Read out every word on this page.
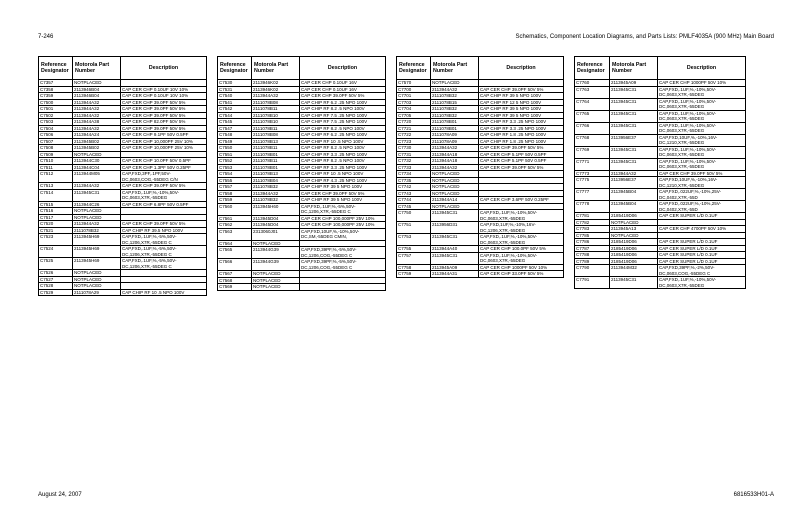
7-246	Schematics, Component Location Diagrams, and Parts Lists: PMLF4035A (900 MHz) Main Board
Reference Designator	Motorola Part Number	Description
C7357	NOTPLACED	
C7358	2113946B04	CAP CER CHP 0.10UF 10V 10%
C7359	2113946B04	CAP CER CHP 0.10UF 10V 10%
C7500	2113944A32	CAP CER CHP 39.0PF 50V 5%
C7501	2113944A32	CAP CER CHP 39.0PF 50V 5%
C7502	2113944A32	CAP CER CHP 39.0PF 50V 5%
C7503	2113944A38	CAP CER CHP 82.0PF 50V 5%
C7504	2113944A32	CAP CER CHP 39.0PF 50V 5%
C7506	2113944A24	CAP CER CHP 9.1PF 50V 0.5PF
C7507	2113945B02	CAP CER CHP 10,000PF 25V 10%
C7508	2113945B02	CAP CER CHP 10,000PF 25V 10%
C7509	NOTPLACED	
C7510	2113944C30	CAP CER CHP 10.0PF 50V 0.5PF
C7511	2113944C04	CAP CER CHP 1.3PF 50V 0.25PF
C7512	2113944M05	CAP,FXD,3PF,.1PF,50V-DC,0603,COG,-55DEG C/N
C7513	2113944A32	CAP CER CHP 39.0PF 50V 5%
C7514	2113945C31	CAP,FXD,.1UF,%,-10%,50V-DC,0603,X7R,-55DEG
C7515	2113944C26	CAP CER CHP 6.8PF 50V 0.5PF
C7516	NOTPLACED	
C7517	NOTPLACED	
C7520	2113944A32	CAP CER CHP 39.0PF 50V 5%
C7521	2111078B32	CAP CHIP RF 39.5 NPO 100V
C7523	2113945H69	CAP,FXD,.1UF,%,-5%,50V-DC,1206,X7R,-55DEG C
C7524	2113945H69	CAP,FXD,.1UF,%,-5%,50V-DC,1206,X7R,-55DEG C
C7525	2113945H69	CAP,FXD,.1UF,%,-5%,50V-DC,1206,X7R,-55DEG C
C7526	NOTPLACED	
C7527	NOTPLACED	
C7528	NOTPLACED	
C7529	2111078A29	CAP CHIP RF 10 .5 NPO 100V
Reference Designator	Motorola Part Number	Description
C7530	2113946K02	CAP CER CHP 0.10UF 16V
C7531	2113946K02	CAP CER CHP 0.10UF 16V
C7540	2113944A32	CAP CER CHP 39.0PF 50V 5%
C7541	2111078B08	CAP CHIP RF 6.2 .25 NPO 100V
C7542	2111078B11	CAP CHIP RF 8.2 .5 NPO 100V
C7544	2111078B10	CAP CHIP RF 7.5 .25 NPO 100V
C7545	2111078B10	CAP CHIP RF 7.5 .25 NPO 100V
C7547	2111078B11	CAP CHIP RF 8.2 .5 NPO 100V
C7548	2111078B08	CAP CHIP RF 6.2 .25 NPO 100V
C7549	2111078B13	CAP CHIP RF 10 .5 NPO 100V
C7550	2111078B11	CAP CHIP RF 8.2 .5 NPO 100V
C7551	2111078B01	CAP CHIP RF 3.3 .25 NPO 100V
C7552	2111078B11	CAP CHIP RF 8.2 .5 NPO 100V
C7553	2111078B01	CAP CHIP RF 3.3 .25 NPO 100V
C7554	2111078B13	CAP CHIP RF 10 .5 NPO 100V
C7555	2111078B04	CAP CHIP RF 4.3 .25 NPO 100V
C7557	2111078B32	CAP CHIP RF 39 5 NPO 100V
C7558	2113944A32	CAP CER CHP 39.0PF 50V 5%
C7559	2111078B32	CAP CHIP RF 39 5 NPO 100V
C7560	2113945H60	CAP,FXD,.1UF,%,-5%,50V-DC,1206,X7R,-55DEG C
C7561	2113945D04	CAP CER CHP 100,000PF 25V 10%
C7562	2113945D04	CAP CER CHP 100,000PF 25V 10%
C7563	2313060J01	CAP,FXD,10UF,%,-10%,50V-DC,SM,-55DEG CMIN,
C7564	NOTPLACED	
C7565	2113944G39	CAP,FXD,39PF,%,-5%,50V-DC,1206,COG,-55DEG C
C7566	2113944G39	CAP,FXD,39PF,%,-5%,50V-DC,1206,COG,-55DEG C
C7567	NOTPLACED	
C7568	NOTPLACED	
C7569	NOTPLACED	
Reference Designator	Motorola Part Number	Description
C7570	NOTPLACED	
C7700	2113944A32	CAP CER CHP 39.0PF 50V 5%
C7701	2111078B32	CAP CHIP RF 39 5 NPO 100V
C7703	2111078B15	CAP CHIP RF 12 5 NPO 100V
C7704	2111078B32	CAP CHIP RF 39 5 NPO 100V
C7705	2111078B32	CAP CHIP RF 39 5 NPO 100V
C7720	2111078B01	CAP CHIP RF 3.3 .25 NPO 100V
C7721	2111078B01	CAP CHIP RF 3.3 .25 NPO 100V
C7722	2111078A09	CAP CHIP RF 1.8 .25 NPO 100V
C7723	2111078A09	CAP CHIP RF 1.8 .25 NPO 100V
C7730	2113944A32	CAP CER CHP 39.0PF 50V 5%
C7731	2113944A18	CAP CER CHP 5.1PF 50V 0.5PF
C7732	2113944A18	CAP CER CHP 5.1PF 50V 0.5PF
C7733	2113944A32	CAP CER CHP 39.0PF 50V 5%
C7734	NOTPLACED	
C7735	NOTPLACED	
C7742	NOTPLACED	
C7743	NOTPLACED	
C7744	2113944A14	CAP CER CHP 3.6PF 50V 0.25PF
C7745	NOTPLACED	
C7750	2113945C31	CAP,FXD,.1UF,%,-10%,50V-DC,0603,X7R,-55DEG
C7751	2113956D31	CAP,FXD,1UF,%,-10%,16V-DC,1206,X7R,-55DEG
C7753	2113945C31	CAP,FXD,.1UF,%,-10%,50V-DC,0603,X7R,-55DEG
C7755	2113944A40	CAP CER CHP 100.0PF 50V 5%
C7757	2113945C31	CAP,FXD,.1UF,%,-10%,50V-DC,0603,X7R,-55DEG
C7758	2113945A09	CAP CER CHP 1000PF 50V 10%
C7759	2113944A31	CAP CER CHP 33.0PF 50V 5%
Reference Designator	Motorola Part Number	Description
C7760	2113945A09	CAP CER CHP 1000PF 50V 10%
C7763	2113945C31	CAP,FXD,.1UF,%,-10%,50V-DC,0603,X7R,-55DEG
C7764	2113945C31	CAP,FXD,.1UF,%,-10%,50V-DC,0603,X7R,-55DEG
C7765	2113945C31	CAP,FXD,.1UF,%,-10%,50V-DC,0603,X7R,-55DEG
C7766	2113945C31	CAP,FXD,.1UF,%,-10%,50V-DC,0603,X7R,-55DEG
C7768	2113956E37	CAP,FXD,10UF,%,-10%,16V-DC,1210,X7R,-55DEG
C7769	2113945C31	CAP,FXD,.1UF,%,-10%,50V-DC,0603,X7R,-55DEG
C7771	2113945C31	CAP,FXD,.1UF,%,-10%,50V-DC,0603,X7R,-55DEG
C7773	2113944A32	CAP CER CHP 39.0PF 50V 5%
C7775	2113956E37	CAP,FXD,10UF,%,-10%,16V-DC,1210,X7R,-55DEG
C7777	2113945B04	CAP,FXD,.022UF,%,-10%,25V-DC,0402,X7R,-55D
C7778	2113945B04	CAP,FXD,.022UF,%,-10%,25V-DC,0402,X7R,-55D
C7781	2185419D06	CAP CER SUPER L/D 0.1UF
C7782	NOTPLACED	
C7783	2113945A13	CAP CER CHP 4700PF 50V 10%
C7785	NOTPLACED	
C7786	2185419D06	CAP CER SUPER L/D 0.1UF
C7787	2185419D06	CAP CER SUPER L/D 0.1UF
C7788	2185419D06	CAP CER SUPER L/D 0.1UF
C7789	2185419D06	CAP CER SUPER L/D 0.1UF
C7790	2113944M32	CAP,FXD,39PF,%,-2%,50V-DC,0603,COG,-55DEG C
C7791	2113945C31	CAP,FXD,.1UF,%,-10%,50V-DC,0603,X7R,-55DEG
August 24, 2007	6816533H01-A
